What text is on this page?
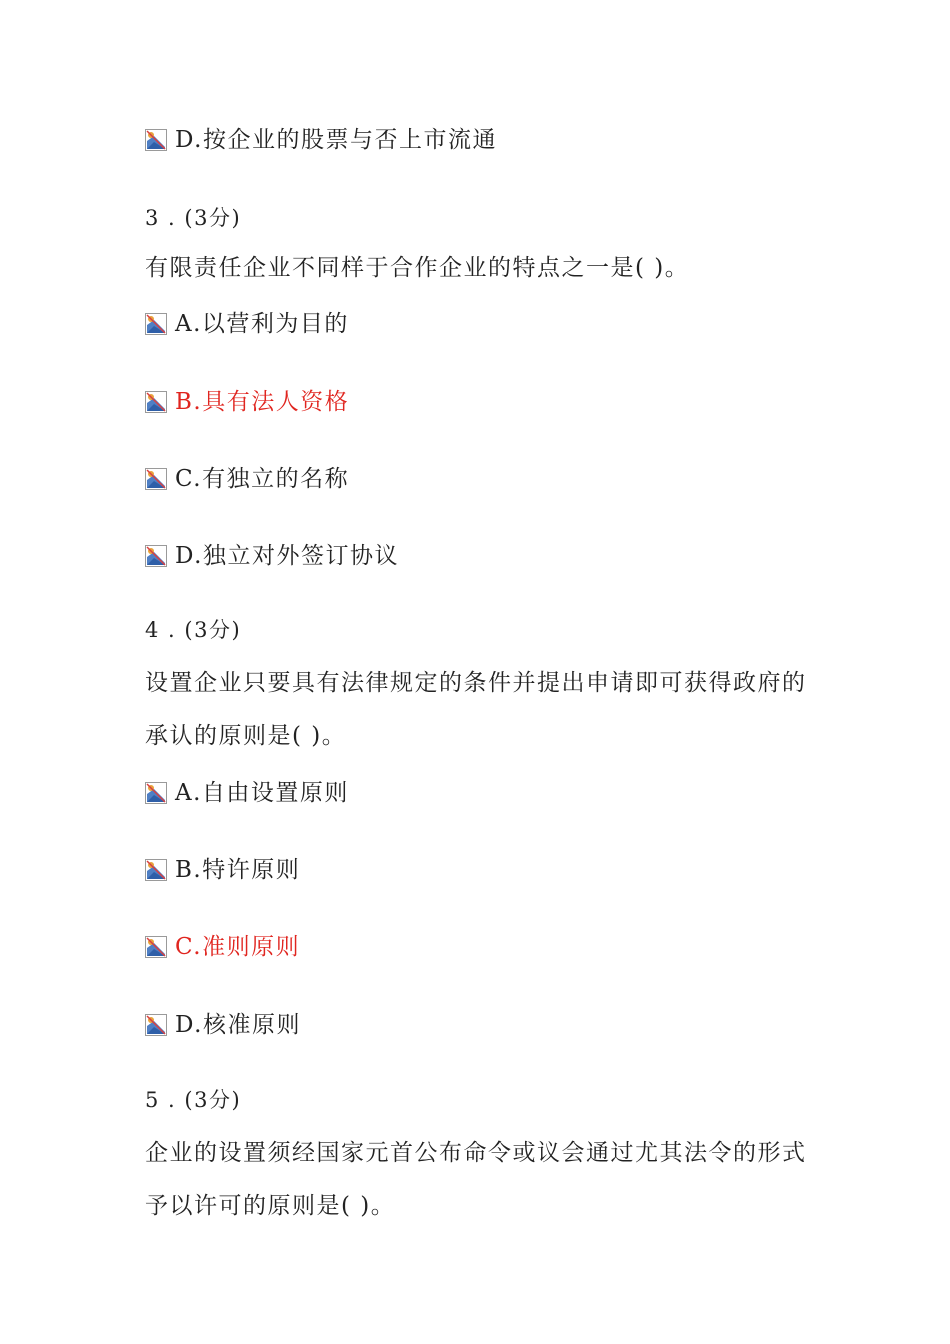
D.按企业的股票与否上市流通
3 . (3分)
有限责任企业不同样于合作企业的特点之一是( )。
A.以营利为目的
B.具有法人资格
C.有独立的名称
D.独立对外签订协议
4 . (3分)
设置企业只要具有法律规定的条件并提出申请即可获得政府的
承认的原则是( )。
A.自由设置原则
B.特许原则
C.准则原则
D.核准原则
5 . (3分)
企业的设置须经国家元首公布命令或议会通过尤其法令的形式
予以许可的原则是( )。
